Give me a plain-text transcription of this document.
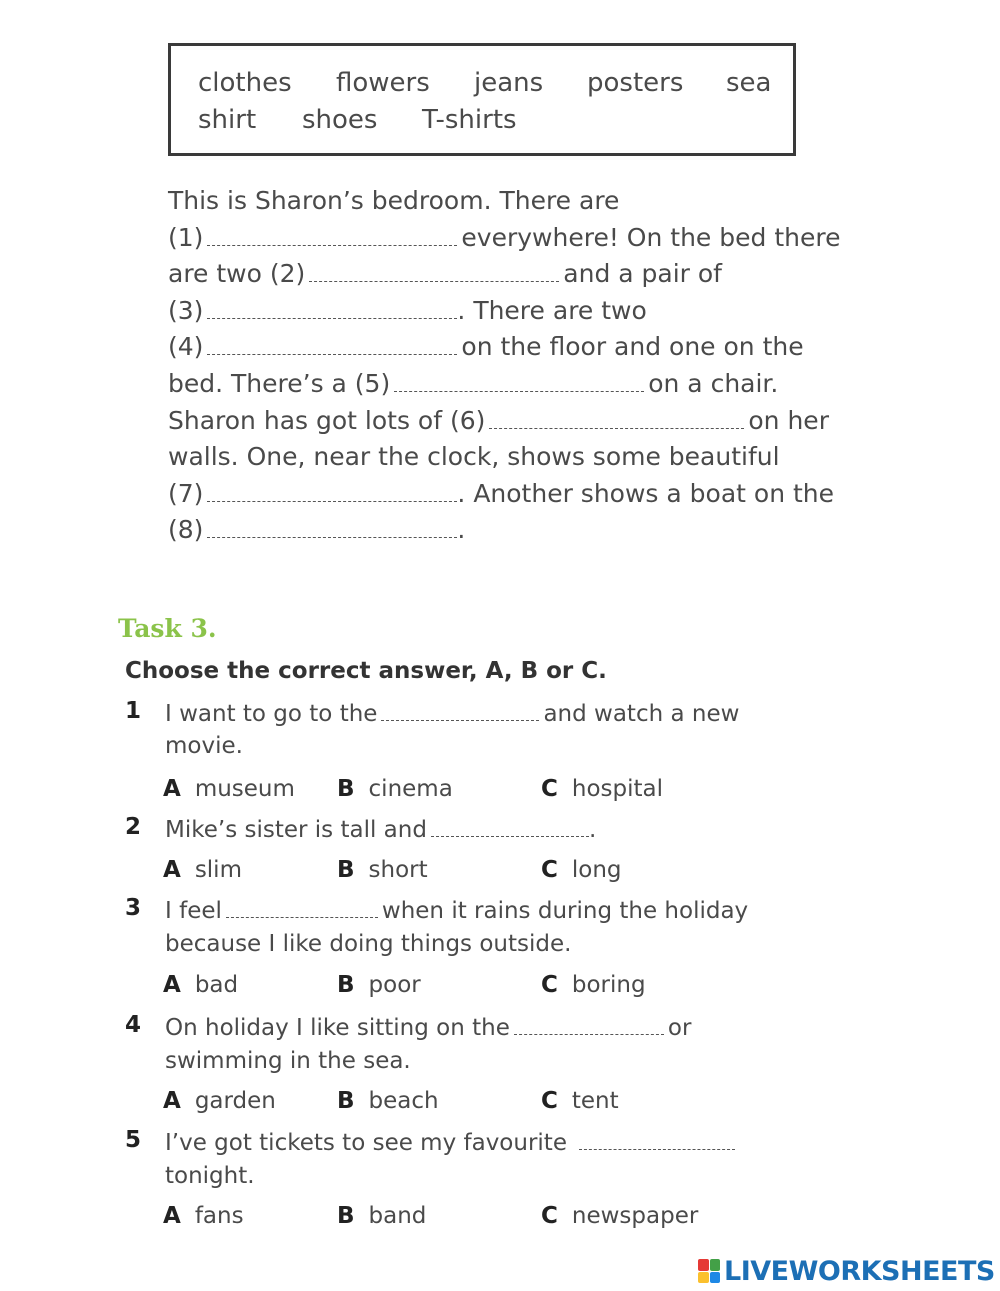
clothes flowers jeans posters sea
shirt shoes T-shirts
This is Sharon’s bedroom. There are
(1)	everywhere! On the bed there
are two (2)	and a pair of
(3)	. There are two
(4)	on the floor and one on the
bed. There’s a (5)	on a chair.
Sharon has got lots of (6)	on her
walls. One, near the clock, shows some beautiful
(7)	. Another shows a boat on the
(8)	.
Task 3.
Choose the correct answer, A, B or C.
1 I want to go to the	and watch a new
movie.
A museum B cinema	C hospital
2 Mike’s sister is tall and	.
A slim	B short	C long
3 I feel	when it rains during the holiday
because I like doing things outside.
A bad	B poor	C boring
4 On holiday I like sitting on the	or
swimming in the sea.
A garden	B beach	C tent
5 I’ve got tickets to see my favourite
tonight.
A fans	B band	C newspaper
LIVEWORKSHEETS
